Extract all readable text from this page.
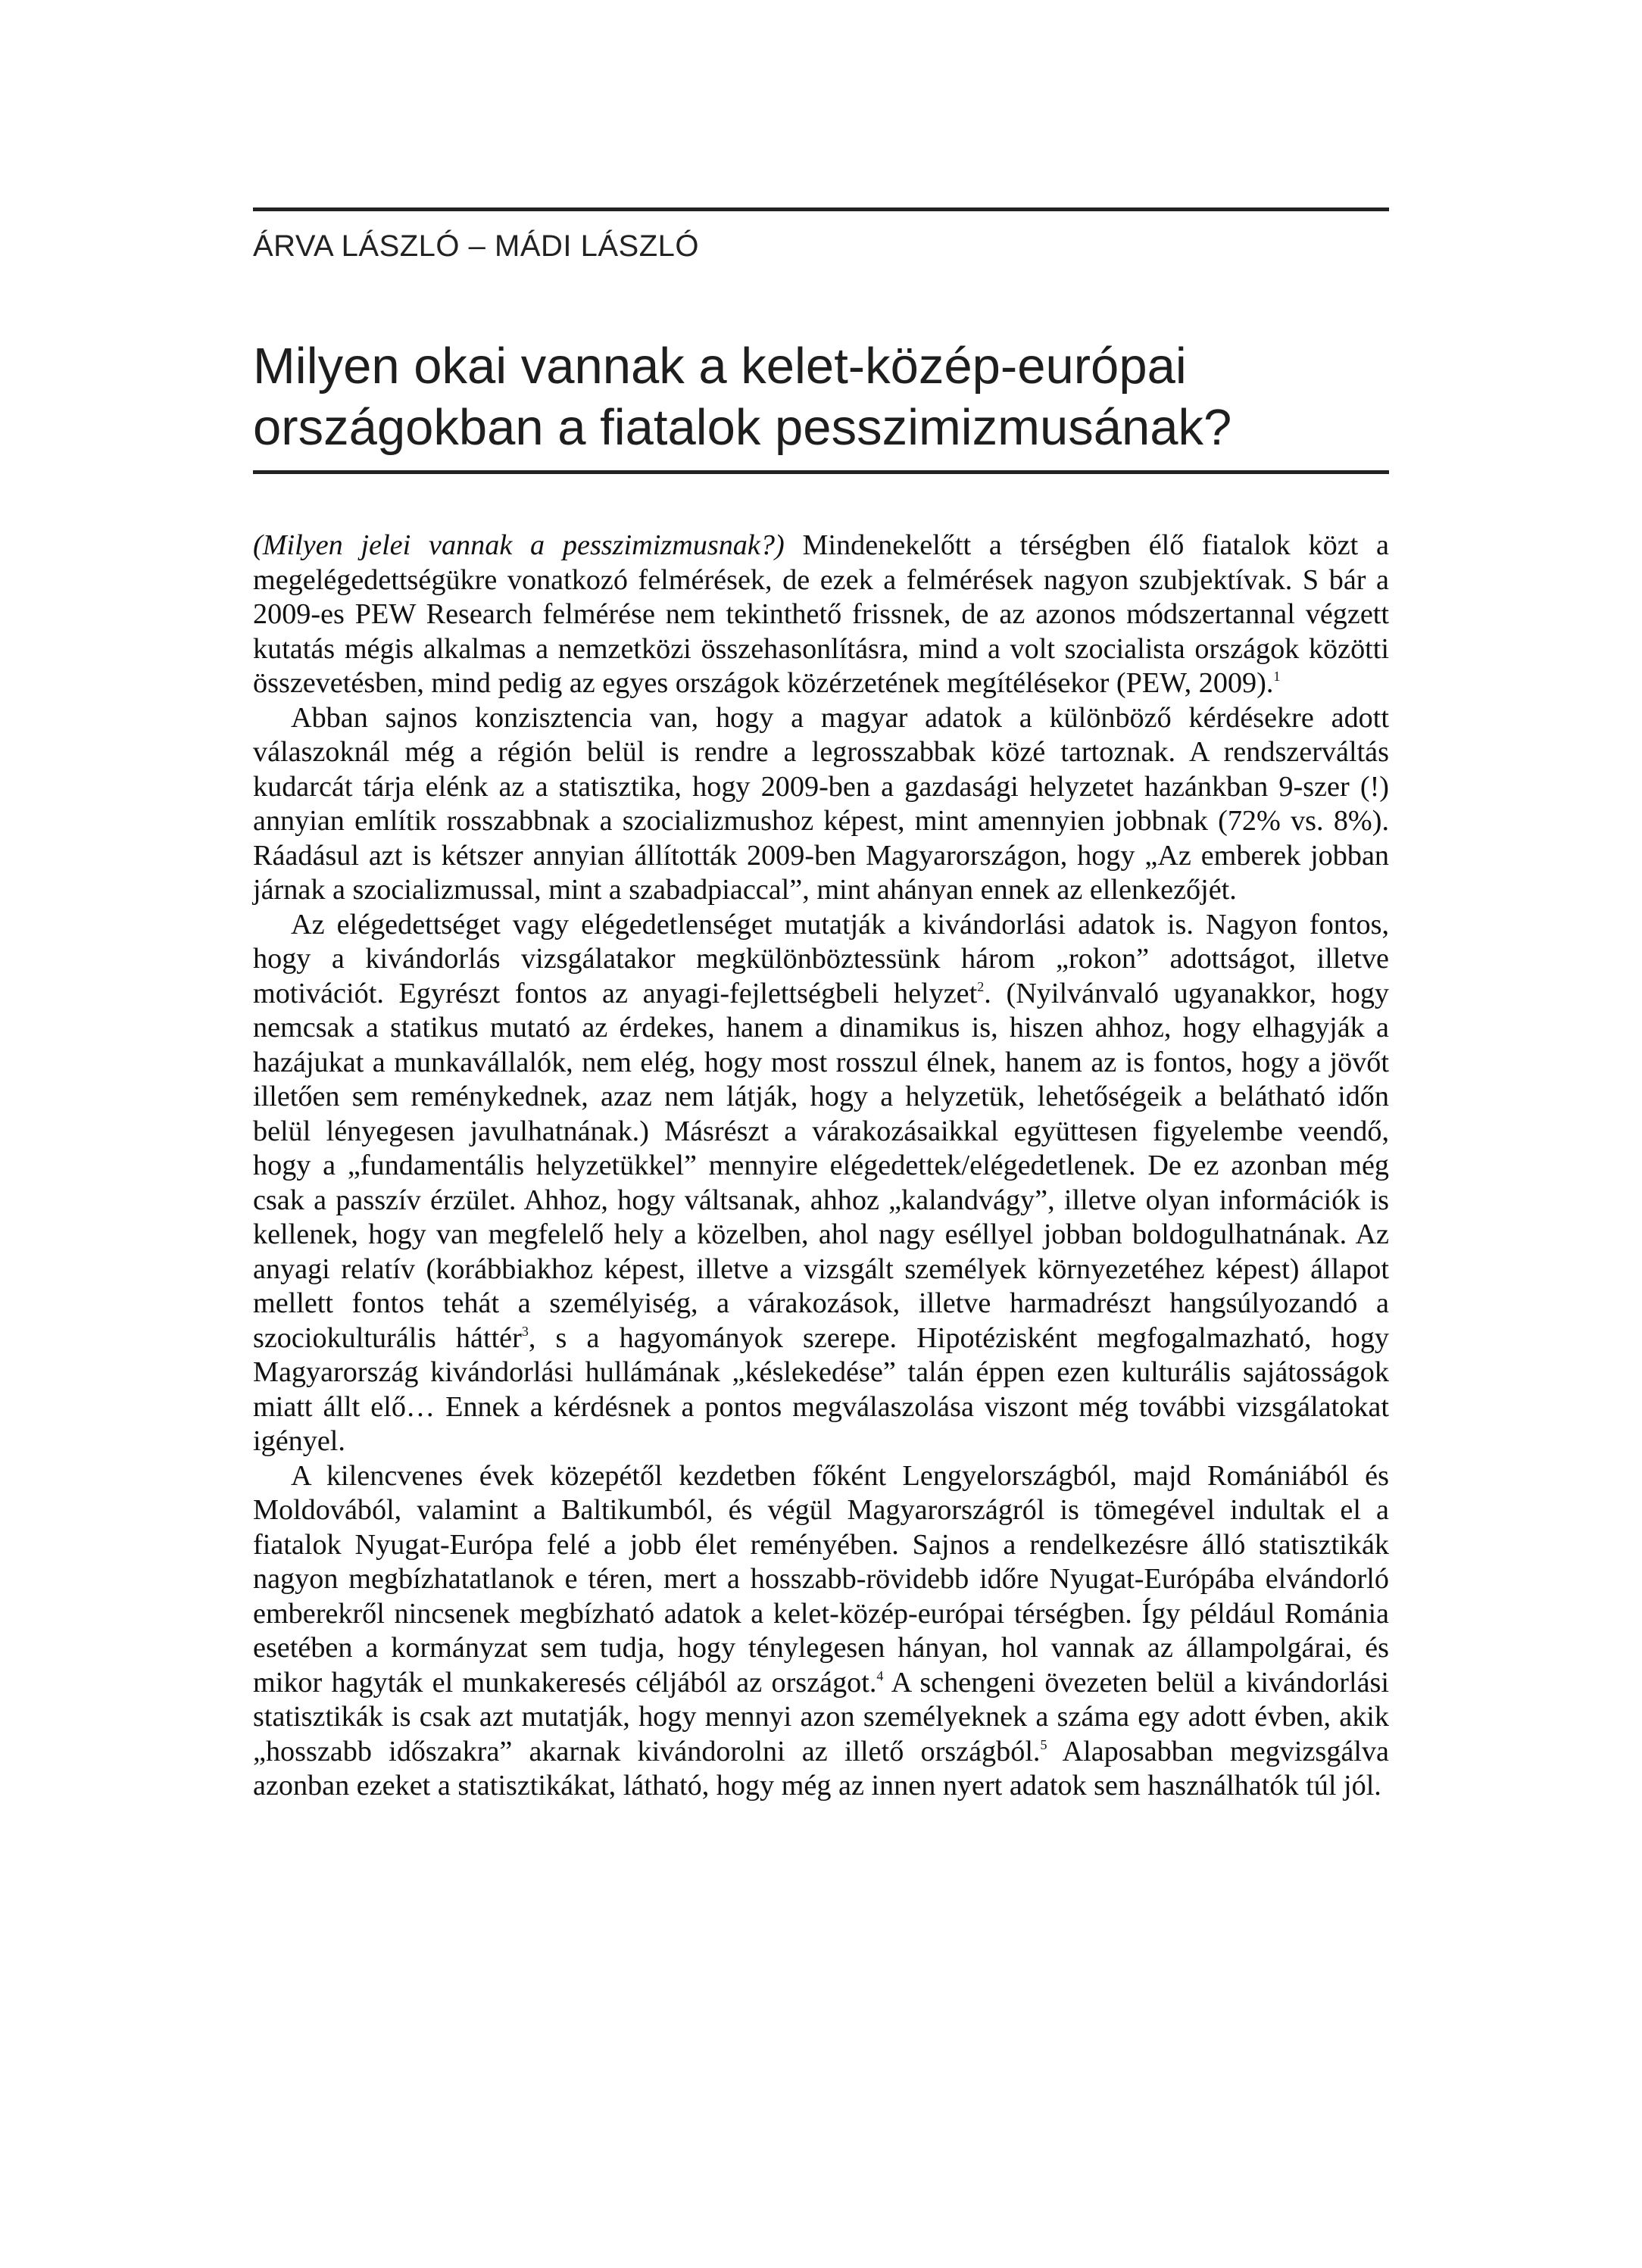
ÁRVA LÁSZLÓ – MÁDI LÁSZLÓ
Milyen okai vannak a kelet-közép-európai
országokban a fiatalok pesszimizmusának?

(Milyen jelei vannak a pesszimizmusnak?) Mindenekelőtt a térségben élő fiatalok közt a megelégedettségükre vonatkozó felmérések, de ezek a felmérések nagyon szubjektívak. S bár a 2009-es PEW Research felmérése nem tekinthető frissnek, de az azonos módszertannal végzett kutatás mégis alkalmas a nemzetközi összehasonlításra, mind a volt szocialista országok közötti összevetésben, mind pedig az egyes országok közérzetének megítélésekor (PEW, 2009).$^1$

Abban sajnos konzisztencia van, hogy a magyar adatok a különböző kérdésekre adott válaszoknál még a régión belül is rendre a legrosszabbak közé tartoznak. A rendszerváltás kudarcát tárja elénk az a statisztika, hogy 2009-ben a gazdasági helyzetet hazánkban 9-szer (!) annyian említik rosszabbnak a szocializmushoz képest, mint amennyien jobbnak (72% vs. 8%). Ráadásul azt is kétszer annyian állították 2009-ben Magyarországon, hogy „Az emberek jobban járnak a szocializmussal, mint a szabadpiaccal”, mint ahányan ennek az ellenkezőjét.

Az elégedettséget vagy elégedetlenséget mutatják a kivándorlási adatok is. Nagyon fontos, hogy a kivándorlás vizsgálatakor megkülönböztessünk három „rokon” adottságot, illetve motivációt. Egyrészt fontos az anyagi-fejlettségbeli helyzet$^2$. (Nyilvánvaló ugyanakkor, hogy nemcsak a statikus mutató az érdekes, hanem a dinamikus is, hiszen ahhoz, hogy elhagyják a hazájukat a munkavállalók, nem elég, hogy most rosszul élnek, hanem az is fontos, hogy a jövőt illetően sem reménykednek, azaz nem látják, hogy a helyzetük, lehetőségeik a belátható időn belül lényegesen javulhatnának.) Másrészt a várakozásaikkal együttesen figyelembe veendő, hogy a „fundamentális helyzetükkel” mennyire elégedettek/elégedetlenek. De ez azonban még csak a passzív érzület. Ahhoz, hogy váltsanak, ahhoz „kalandvágy”, illetve olyan információk is kellenek, hogy van megfelelő hely a közelben, ahol nagy eséllyel jobban boldogulhatnának. Az anyagi relatív (korábbiakhoz képest, illetve a vizsgált személyek környezetéhez képest) állapot mellett fontos tehát a személyiség, a várakozások, illetve harmadrészt hangsúlyozandó a szociokulturális háttér$^3$, s a hagyományok szerepe. Hipotézisként megfogalmazható, hogy Magyarország kivándorlási hullámának „késlekedése” talán éppen ezen kulturális sajátosságok miatt állt elő… Ennek a kérdésnek a pontos megválaszolása viszont még további vizsgálatokat igényel.

A kilencvenes évek közepétől kezdetben főként Lengyelországból, majd Romániából és Moldovából, valamint a Baltikumból, és végül Magyarországról is tömegével indultak el a fiatalok Nyugat-Európa felé a jobb élet reményében. Sajnos a rendelkezésre álló statisztikák nagyon megbízhatatlanok e téren, mert a hosszabb-rövidebb időre Nyugat-Európába elvándorló emberekről nincsenek megbízható adatok a kelet-közép-európai térségben. Így például Románia esetében a kormányzat sem tudja, hogy ténylegesen hányan, hol vannak az állampolgárai, és mikor hagyták el munkakeresés céljából az országot.$^4$ A schengeni övezeten belül a kivándorlási statisztikák is csak azt mutatják, hogy mennyi azon személyeknek a száma egy adott évben, akik „hosszabb időszakra” akarnak kivándorolni az illető országból.$^5$ Alaposabban megvizsgálva azonban ezeket a statisztikákat, látható, hogy még az innen nyert adatok sem használhatók túl jól.
